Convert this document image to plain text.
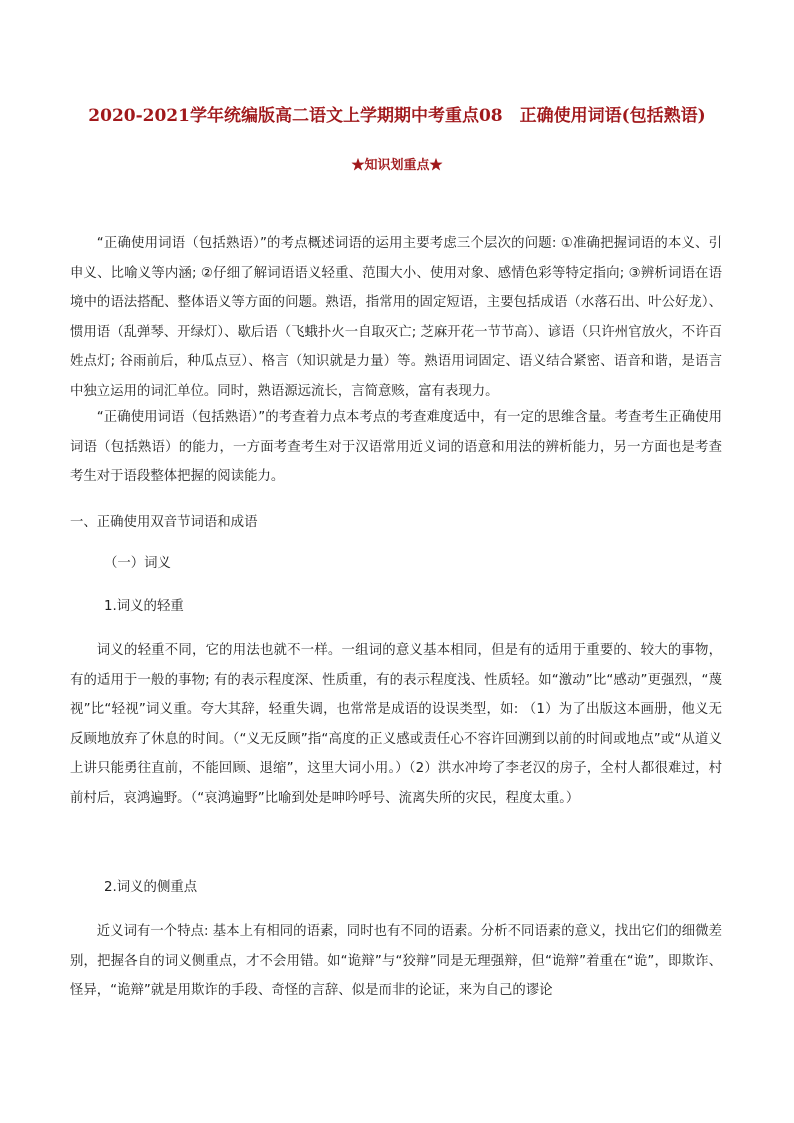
2020-2021学年统编版高二语文上学期期中考重点08　正确使用词语(包括熟语)
★知识划重点★

“正确使用词语（包括熟语）”的考点概述词语的运用主要考虑三个层次的问题: ①准确把握词语的本义、引申义、比喻义等内涵; ②仔细了解词语语义轻重、范围大小、使用对象、感情色彩等特定指向; ③辨析词语在语境中的语法搭配、整体语义等方面的问题。熟语，指常用的固定短语，主要包括成语（水落石出、叶公好龙）、惯用语（乱弹琴、开绿灯）、歇后语（飞蛾扑火一自取灭亡; 芝麻开花一节节高）、谚语（只许州官放火，不许百姓点灯; 谷雨前后，种瓜点豆）、格言（知识就是力量）等。熟语用词固定、语义结合紧密、语音和谐，是语言中独立运用的词汇单位。同时，熟语源远流长，言简意赅，富有表现力。

“正确使用词语（包括熟语）”的考查着力点本考点的考查难度适中，有一定的思维含量。考查考生正确使用词语（包括熟语）的能力，一方面考查考生对于汉语常用近义词的语意和用法的辨析能力，另一方面也是考查考生对于语段整体把握的阅读能力。

一、正确使用双音节词语和成语
（一）词义
1.词义的轻重

词义的轻重不同，它的用法也就不一样。一组词的意义基本相同，但是有的适用于重要的、较大的事物，有的适用于一般的事物; 有的表示程度深、性质重，有的表示程度浅、性质轻。如“激动”比“感动”更强烈，“蔑视”比“轻视”词义重。夸大其辞，轻重失调，也常常是成语的设误类型，如: （1）为了出版这本画册，他义无反顾地放弃了休息的时间。（“义无反顾”指“高度的正义感或责任心不容许回溯到以前的时间或地点”或“从道义上讲只能勇往直前，不能回顾、退缩”，这里大词小用。）（2）洪水冲垮了李老汉的房子，全村人都很难过，村前村后，哀鸿遍野。（“哀鸿遍野”比喻到处是呻吟呼号、流离失所的灾民，程度太重。）

2.词义的侧重点

近义词有一个特点: 基本上有相同的语素，同时也有不同的语素。分析不同语素的意义，找出它们的细微差别，把握各自的词义侧重点，才不会用错。如“诡辩”与“狡辩”同是无理强辩，但“诡辩”着重在“诡”，即欺诈、怪异，“诡辩”就是用欺诈的手段、奇怪的言辞、似是而非的论证，来为自己的谬论
